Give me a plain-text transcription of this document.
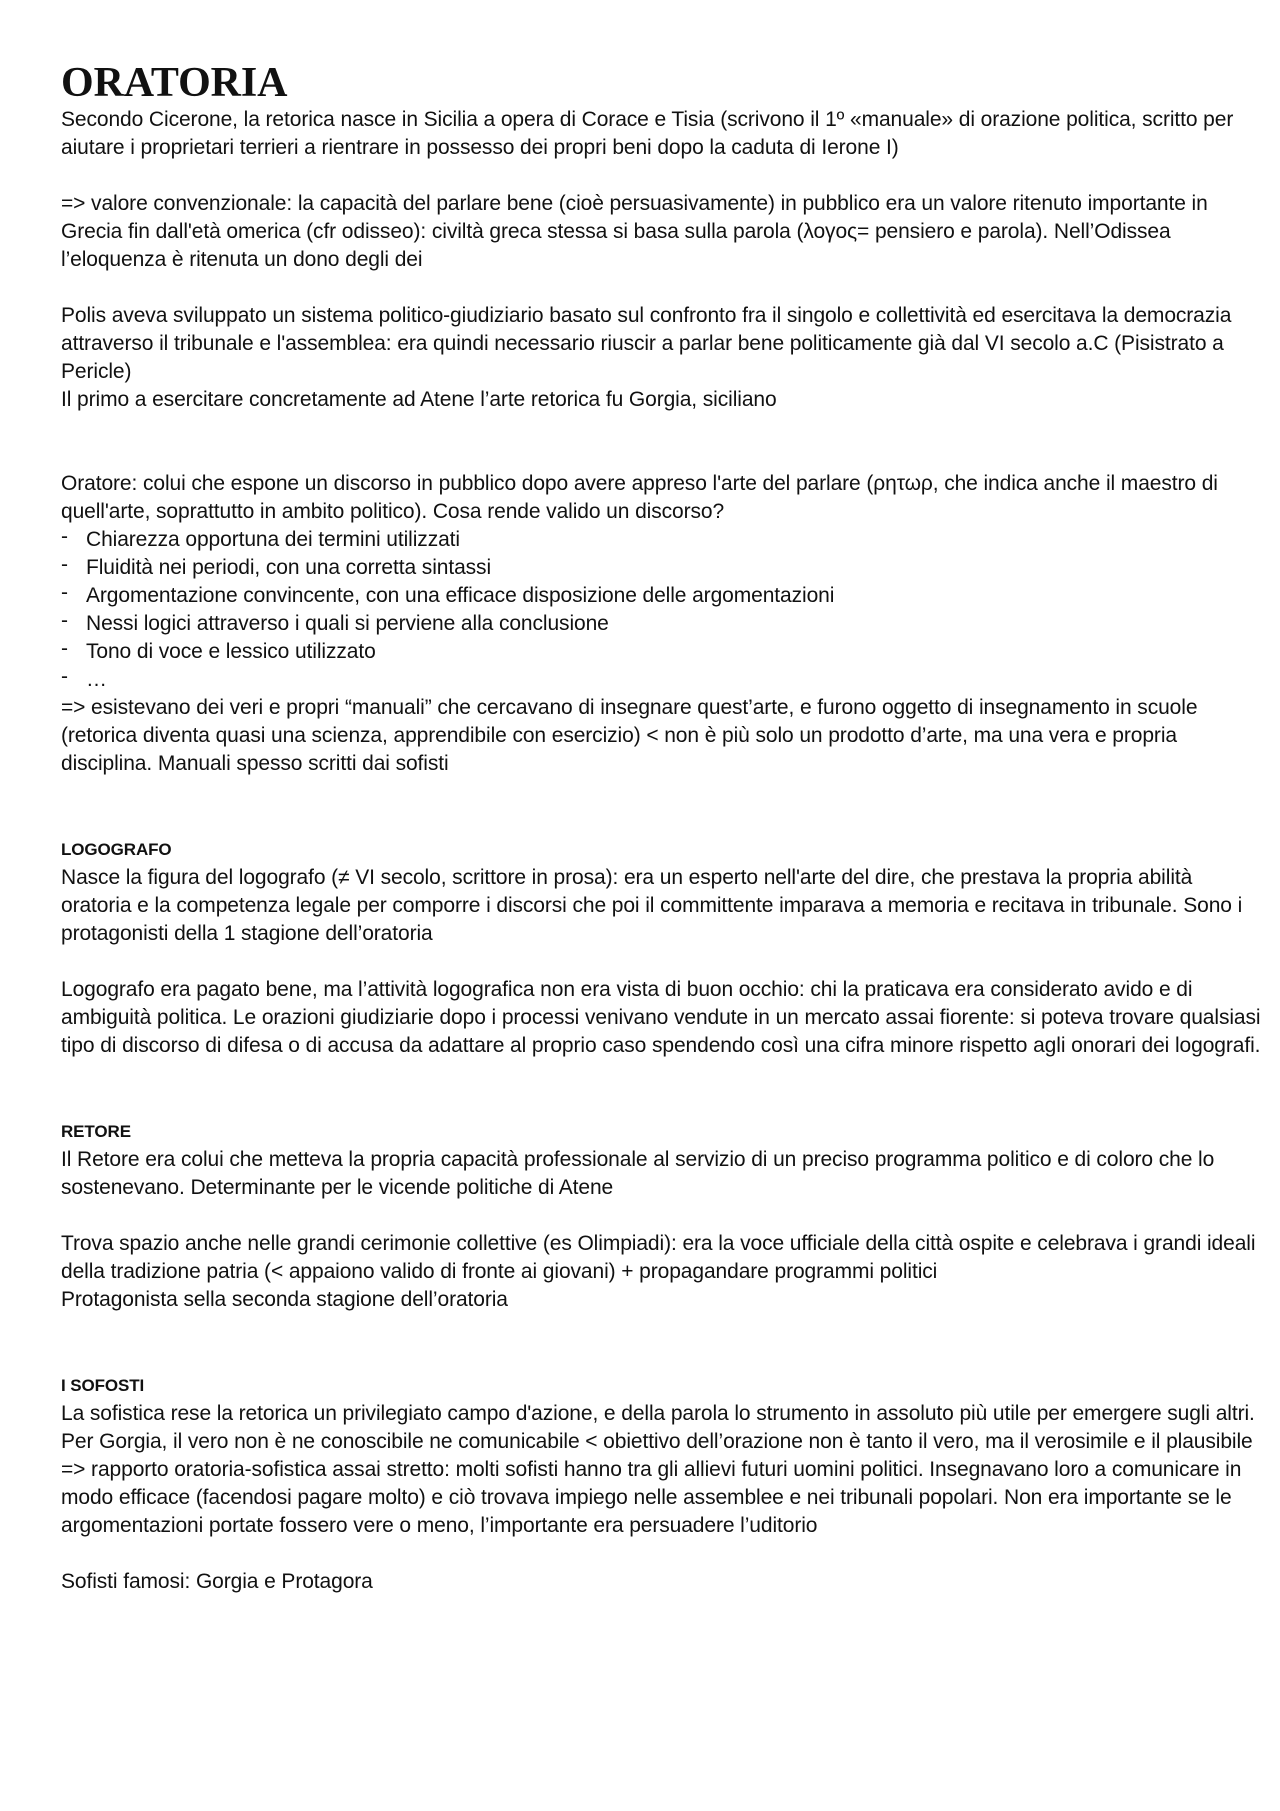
ORATORIA

Secondo Cicerone, la retorica nasce in Sicilia a opera di Corace e Tisia (scrivono il 1º «manuale» di orazione politica, scritto per aiutare i proprietari terrieri a rientrare in possesso dei propri beni dopo la caduta di Ierone I)

=> valore convenzionale: la capacità del parlare bene (cioè persuasivamente) in pubblico era un valore ritenuto importante in Grecia fin dall'età omerica (cfr odisseo): civiltà greca stessa si basa sulla parola (λογος= pensiero e parola). Nell’Odissea l’eloquenza è ritenuta un dono degli dei

Polis aveva sviluppato un sistema politico-giudiziario basato sul confronto fra il singolo e collettività ed esercitava la democrazia attraverso il tribunale e l'assemblea: era quindi necessario riuscir a parlar bene politicamente già dal VI secolo a.C (Pisistrato a Pericle)

Il primo a esercitare concretamente ad Atene l’arte retorica fu Gorgia, siciliano

Oratore: colui che espone un discorso in pubblico dopo avere appreso l'arte del parlare (ρητωρ, che indica anche il maestro di quell'arte, soprattutto in ambito politico). Cosa rende valido un discorso?

- Chiarezza opportuna dei termini utilizzati
- Fluidità nei periodi, con una corretta sintassi
- Argomentazione convincente, con una efficace disposizione delle argomentazioni
- Nessi logici attraverso i quali si perviene alla conclusione
- Tono di voce e lessico utilizzato
- …

=> esistevano dei veri e propri “manuali” che cercavano di insegnare quest’arte, e furono oggetto di insegnamento in scuole (retorica diventa quasi una scienza, apprendibile con esercizio) < non è più solo un prodotto d’arte, ma una vera e propria disciplina. Manuali spesso scritti dai sofisti

LOGOGRAFO

Nasce la figura del logografo (≠ VI secolo, scrittore in prosa): era un esperto nell'arte del dire, che prestava la propria abilità oratoria e la competenza legale per comporre i discorsi che poi il committente imparava a memoria e recitava in tribunale. Sono i protagonisti della 1 stagione dell’oratoria

Logografo era pagato bene, ma l’attività logografica non era vista di buon occhio: chi la praticava era considerato avido e di ambiguità politica. Le orazioni giudiziarie dopo i processi venivano vendute in un mercato assai fiorente: si poteva trovare qualsiasi tipo di discorso di difesa o di accusa da adattare al proprio caso spendendo così una cifra minore rispetto agli onorari dei logografi.

RETORE

Il Retore era colui che metteva la propria capacità professionale al servizio di un preciso programma politico e di coloro che lo sostenevano. Determinante per le vicende politiche di Atene

Trova spazio anche nelle grandi cerimonie collettive (es Olimpiadi): era la voce ufficiale della città ospite e celebrava i grandi ideali della tradizione patria (< appaiono valido di fronte ai giovani) + propagandare programmi politici

Protagonista sella seconda stagione dell’oratoria

I SOFOSTI

La sofistica rese la retorica un privilegiato campo d'azione, e della parola lo strumento in assoluto più utile per emergere sugli altri.

Per Gorgia, il vero non è ne conoscibile ne comunicabile < obiettivo dell’orazione non è tanto il vero, ma il verosimile e il plausibile

=> rapporto oratoria-sofistica assai stretto: molti sofisti hanno tra gli allievi futuri uomini politici. Insegnavano loro a comunicare in modo efficace (facendosi pagare molto) e ciò trovava impiego nelle assemblee e nei tribunali popolari. Non era importante se le argomentazioni portate fossero vere o meno, l’importante era persuadere l’uditorio

Sofisti famosi: Gorgia e Protagora
